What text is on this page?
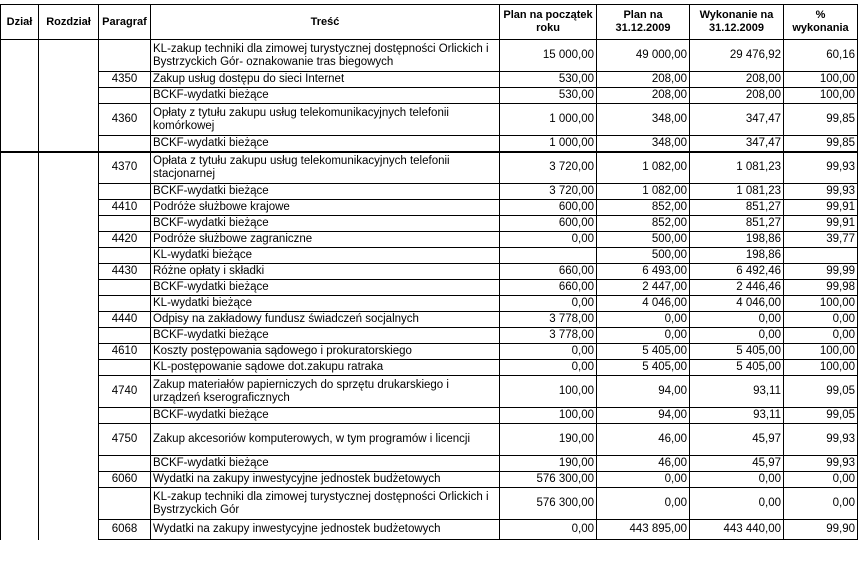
Dział	Rozdział	Paragraf	Treść	Plan na początek roku	Plan na 31.12.2009	Wykonanie na 31.12.2009	% wykonania
			KL-zakup techniki dla zimowej turystycznej dostępności Orlickich i Bystrzyckich Gór- oznakowanie tras biegowych	15 000,00	49 000,00	29 476,92	60,16
		4350	Zakup usług dostępu do sieci Internet	530,00	208,00	208,00	100,00
			BCKF-wydatki bieżące	530,00	208,00	208,00	100,00
		4360	Opłaty z tytułu zakupu usług telekomunikacyjnych telefonii komórkowej	1 000,00	348,00	347,47	99,85
			BCKF-wydatki bieżące	1 000,00	348,00	347,47	99,85
		4370	Opłata z tytułu zakupu usług telekomunikacyjnych telefonii stacjonarnej	3 720,00	1 082,00	1 081,23	99,93
			BCKF-wydatki bieżące	3 720,00	1 082,00	1 081,23	99,93
		4410	Podróże służbowe krajowe	600,00	852,00	851,27	99,91
			BCKF-wydatki bieżące	600,00	852,00	851,27	99,91
		4420	Podróże służbowe zagraniczne	0,00	500,00	198,86	39,77
			KL-wydatki bieżące		500,00	198,86	
		4430	Różne opłaty i składki	660,00	6 493,00	6 492,46	99,99
			BCKF-wydatki bieżące	660,00	2 447,00	2 446,46	99,98
			KL-wydatki bieżące	0,00	4 046,00	4 046,00	100,00
		4440	Odpisy na zakładowy fundusz świadczeń socjalnych	3 778,00	0,00	0,00	0,00
			BCKF-wydatki bieżące	3 778,00	0,00	0,00	0,00
		4610	Koszty postępowania sądowego i prokuratorskiego	0,00	5 405,00	5 405,00	100,00
			KL-postępowanie sądowe dot.zakupu ratraka	0,00	5 405,00	5 405,00	100,00
		4740	Zakup materiałów papierniczych do sprzętu drukarskiego i urządzeń kserograficznych	100,00	94,00	93,11	99,05
			BCKF-wydatki bieżące	100,00	94,00	93,11	99,05
		4750	Zakup akcesoriów komputerowych, w tym programów i licencji	190,00	46,00	45,97	99,93
			BCKF-wydatki bieżące	190,00	46,00	45,97	99,93
		6060	Wydatki na zakupy inwestycyjne jednostek budżetowych	576 300,00	0,00	0,00	0,00
			KL-zakup techniki dla zimowej turystycznej dostępności Orlickich i Bystrzyckich Gór	576 300,00	0,00	0,00	0,00
		6068	Wydatki na zakupy inwestycyjne jednostek budżetowych	0,00	443 895,00	443 440,00	99,90
